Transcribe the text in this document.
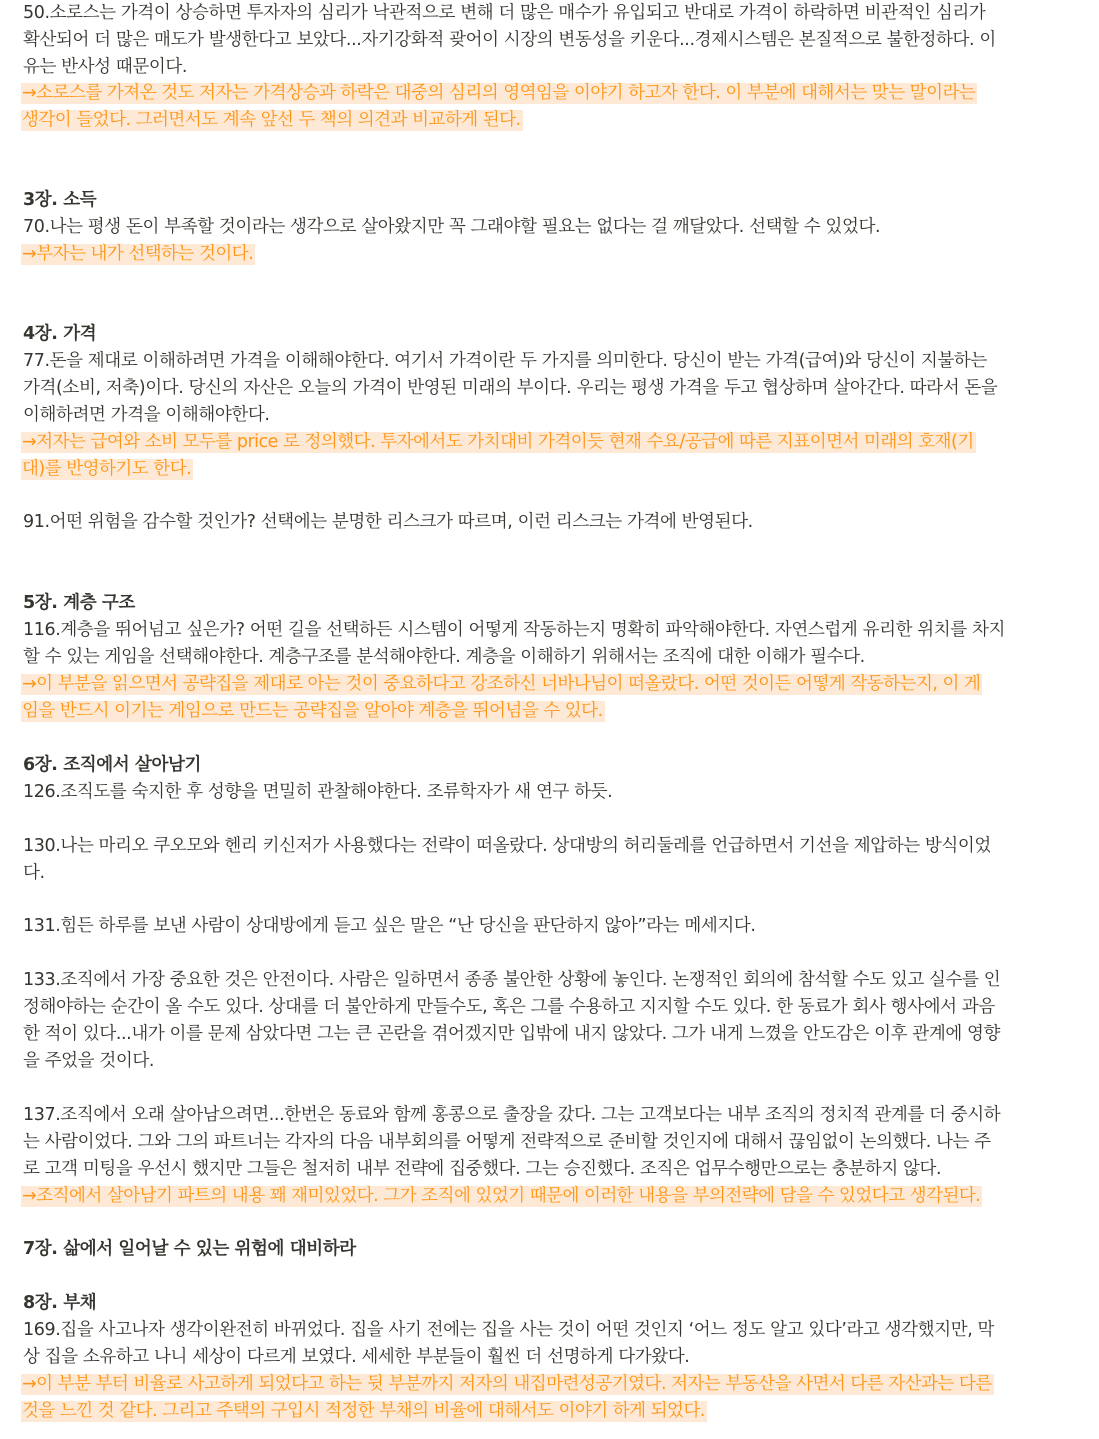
50.소로스는 가격이 상승하면 투자자의 심리가 낙관적으로 변해 더 많은 매수가 유입되고 반대로 가격이 하락하면 비관적인 심리가
확산되어 더 많은 매도가 발생한다고 보았다...자기강화적 괒어이 시장의 변동성을 키운다...경제시스템은 본질적으로 불한정하다. 이
유는 반사성 때문이다.
→소로스를 가져온 것도 저자는 가격상승과 하락은 대중의 심리의 영역임을 이야기 하고자 한다. 이 부분에 대해서는 맞는 말이라는
생각이 들었다. 그러면서도 계속 앞선 두 책의 의견과 비교하게 된다.
3장. 소득
70.나는 평생 돈이 부족할 것이라는 생각으로 살아왔지만 꼭 그래야할 필요는 없다는 걸 깨달았다. 선택할 수 있었다.
→부자는 내가 선택하는 것이다.
4장. 가격
77.돈을 제대로 이해하려면 가격을 이해해야한다. 여기서 가격이란 두 가지를 의미한다. 당신이 받는 가격(급여)와 당신이 지불하는
가격(소비, 저축)이다. 당신의 자산은 오늘의 가격이 반영된 미래의 부이다. 우리는 평생 가격을 두고 협상하며 살아간다. 따라서 돈을
이해하려면 가격을 이해해야한다.
→저자는 급여와 소비 모두를 price 로 정의했다. 투자에서도 가치대비 가격이듯 현재 수요/공급에 따른 지표이면서 미래의 호재(기
대)를 반영하기도 한다.
91.어떤 위험을 감수할 것인가? 선택에는 분명한 리스크가 따르며, 이런 리스크는 가격에 반영된다.
5장. 계층 구조
116.계층을 뛰어넘고 싶은가? 어떤 길을 선택하든 시스템이 어떻게 작동하는지 명확히 파악해야한다. 자연스럽게 유리한 위치를 차지
할 수 있는 게임을 선택해야한다. 계층구조를 분석해야한다. 계층을 이해하기 위해서는 조직에 대한 이해가 필수다.
→이 부분을 읽으면서 공략집을 제대로 아는 것이 중요하다고 강조하신 너바나님이 떠올랐다. 어떤 것이든 어떻게 작동하는지, 이 게
임을 반드시 이기는 게임으로 만드는 공략집을 알아야 계층을 뛰어넘을 수 있다.
6장. 조직에서 살아남기
126.조직도를 숙지한 후 성향을 면밀히 관찰해야한다. 조류학자가 새 연구 하듯.
130.나는 마리오 쿠오모와 헨리 키신저가 사용했다는 전략이 떠올랐다. 상대방의 허리둘레를 언급하면서 기선을 제압하는 방식이었
다.
131.힘든 하루를 보낸 사람이 상대방에게 듣고 싶은 말은 “난 당신을 판단하지 않아”라는 메세지다.
133.조직에서 가장 중요한 것은 안전이다. 사람은 일하면서 종종 불안한 상황에 놓인다. 논쟁적인 회의에 참석할 수도 있고 실수를 인
정해야하는 순간이 올 수도 있다. 상대를 더 불안하게 만들수도, 혹은 그를 수용하고 지지할 수도 있다. 한 동료가 회사 행사에서 과음
한 적이 있다...내가 이를 문제 삼았다면 그는 큰 곤란을 겪어겠지만 입밖에 내지 않았다. 그가 내게 느꼈을 안도감은 이후 관계에 영향
을 주었을 것이다.
137.조직에서 오래 살아남으려면...한번은 동료와 함께 홍콩으로 출장을 갔다. 그는 고객보다는 내부 조직의 정치적 관계를 더 중시하
는 사람이었다. 그와 그의 파트너는 각자의 다음 내부회의를 어떻게 전략적으로 준비할 것인지에 대해서 끊임없이 논의했다. 나는 주
로 고객 미팅을 우선시 했지만 그들은 철저히 내부 전략에 집중했다. 그는 승진했다. 조직은 업무수행만으로는 충분하지 않다.
→조직에서 살아남기 파트의 내용 꽤 재미있었다. 그가 조직에 있었기 때문에 이러한 내용을 부의전략에 담을 수 있었다고 생각된다.
7장. 삶에서 일어날 수 있는 위험에 대비하라
8장. 부채
169.집을 사고나자 생각이완전히 바뀌었다. 집을 사기 전에는 집을 사는 것이 어떤 것인지 ‘어느 정도 알고 있다’라고 생각했지만, 막
상 집을 소유하고 나니 세상이 다르게 보였다. 세세한 부분들이 훨씬 더 선명하게 다가왔다.
→이 부분 부터 비율로 사고하게 되었다고 하는 뒷 부분까지 저자의 내집마련성공기였다. 저자는 부동산을 사면서 다른 자산과는 다른
것을 느낀 것 같다. 그리고 주택의 구입시 적정한 부채의 비율에 대해서도 이야기 하게 되었다.
